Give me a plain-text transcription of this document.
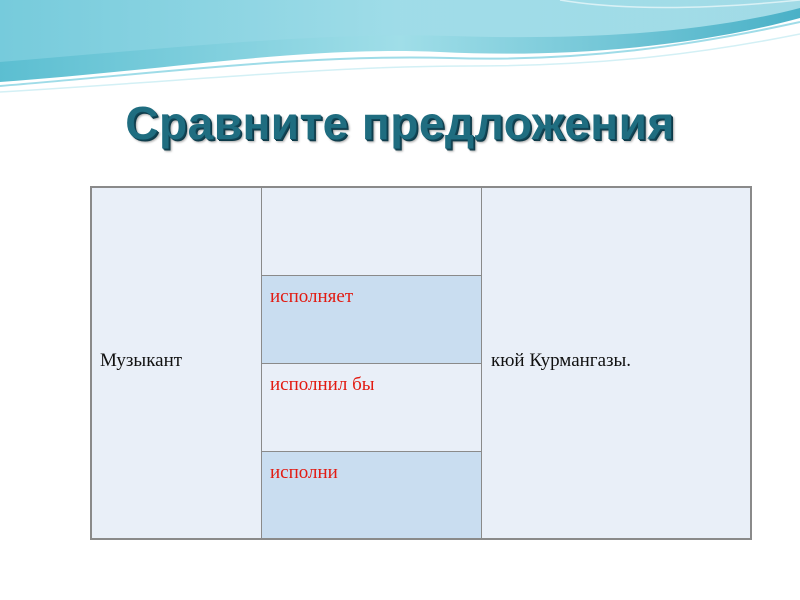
Сравните предложения
Музыкант
исполняет
исполнил бы
исполни
кюй Курмангазы.
